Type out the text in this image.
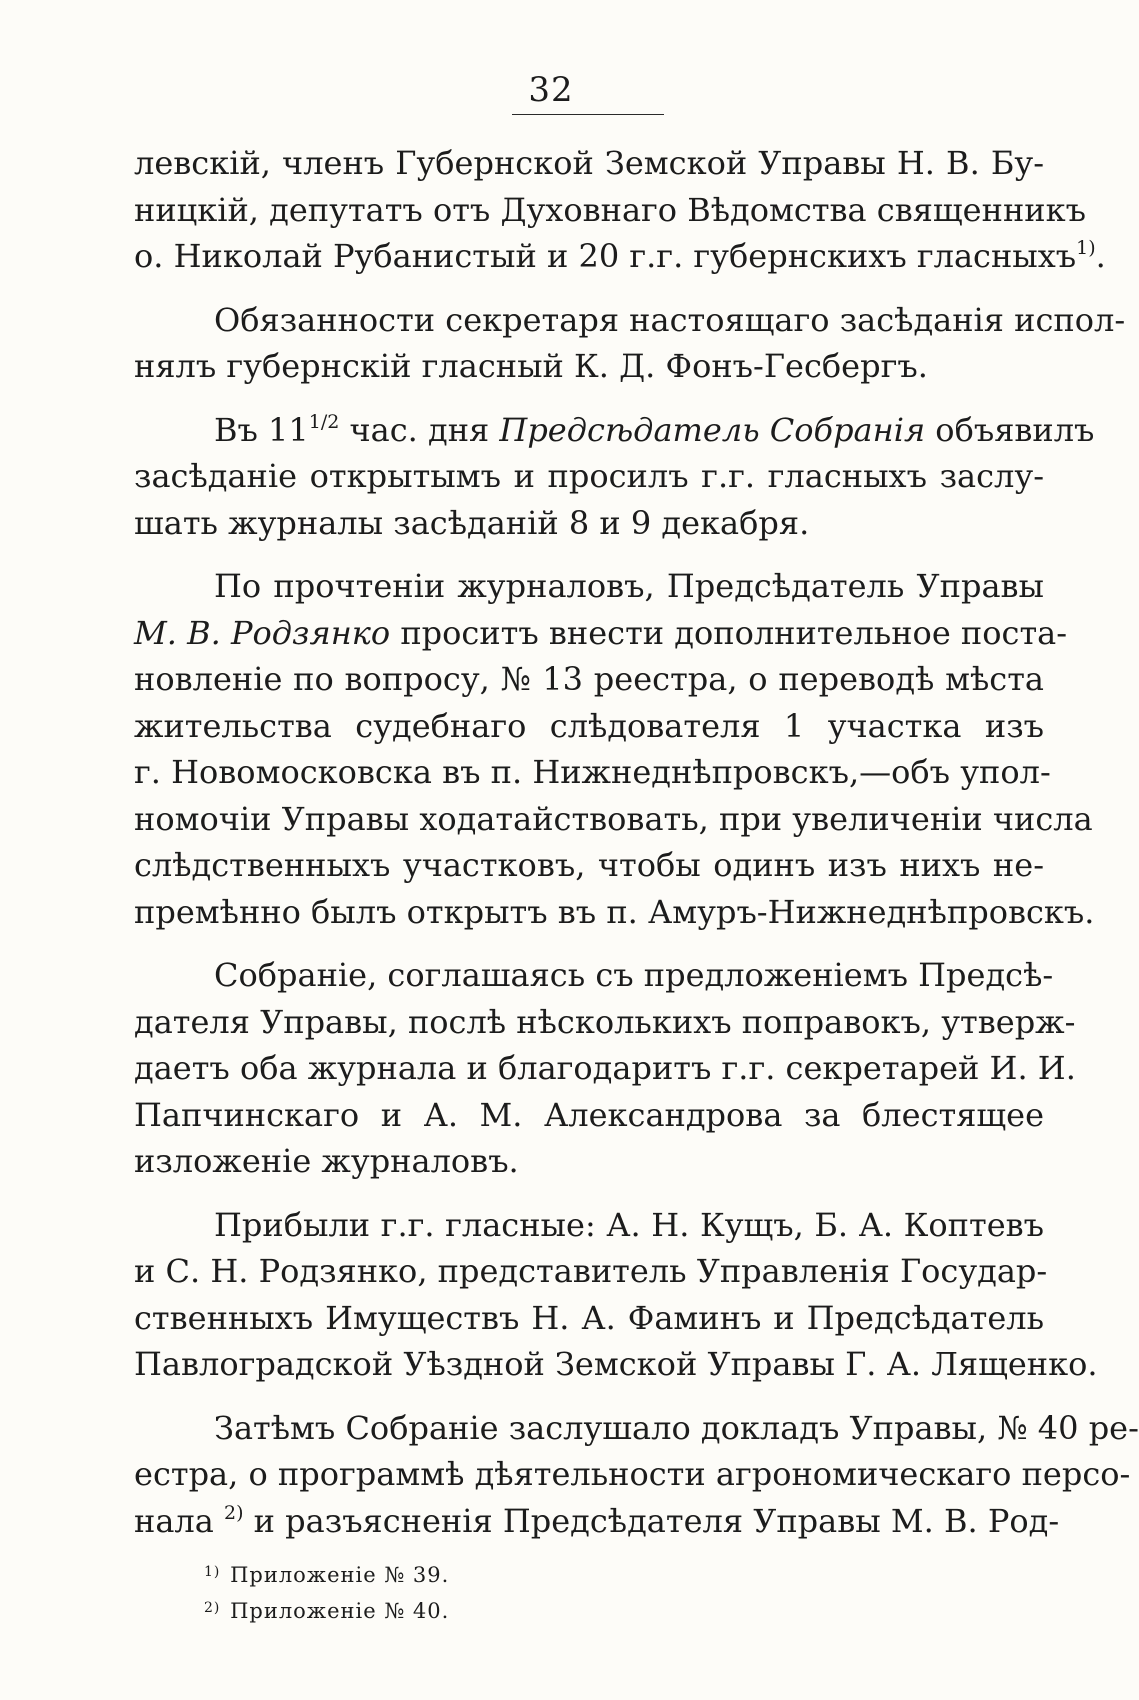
32
левскій, членъ Губернской Земской Управы Н. В. Бу-
ницкій, депутатъ отъ Духовнаго Вѣдомства священникъ
о. Николай Рубанистый и 20 г.г. губернскихъ гласныхъ$^{1)}$.
Обязанности секретаря настоящаго засѣданія испол-
нялъ губернскій гласный К. Д. Фонъ-Гесбергъ.
Въ $11^{1/2}$ час. дня Предсѣдатель Собранія объявилъ
засѣданіе открытымъ и просилъ г.г. гласныхъ заслу-
шать журналы засѣданій 8 и 9 декабря.
По прочтеніи журналовъ, Предсѣдатель Управы
М. В. Родзянко проситъ внести дополнительное поста-
новленіе по вопросу, № 13 реестра, о переводѣ мѣста
жительства судебнаго слѣдователя 1 участка изъ
г. Новомосковска въ п. Нижнеднѣпровскъ,—объ упол-
номочіи Управы ходатайствовать, при увеличеніи числа
слѣдственныхъ участковъ, чтобы одинъ изъ нихъ не-
премѣнно былъ открытъ въ п. Амуръ-Нижнеднѣпровскъ.
Собраніе, соглашаясь съ предложеніемъ Предсѣ-
дателя Управы, послѣ нѣсколькихъ поправокъ, утверж-
даетъ оба журнала и благодаритъ г.г. секретарей И. И.
Папчинскаго и А. М. Александрова за блестящее
изложеніе журналовъ.
Прибыли г.г. гласные: А. Н. Кущъ, Б. А. Коптевъ
и С. Н. Родзянко, представитель Управленія Государ-
ственныхъ Имуществъ Н. А. Фаминъ и Предсѣдатель
Павлоградской Уѣздной Земской Управы Г. А. Лященко.
Затѣмъ Собраніе заслушало докладъ Управы, № 40 ре-
естра, о программѣ дѣятельности агрономическаго персо-
нала $^{2)}$ и разъясненія Предсѣдателя Управы М. В. Род-
$^{1)}$ Приложеніе № 39.
$^{2)}$ Приложеніе № 40.
